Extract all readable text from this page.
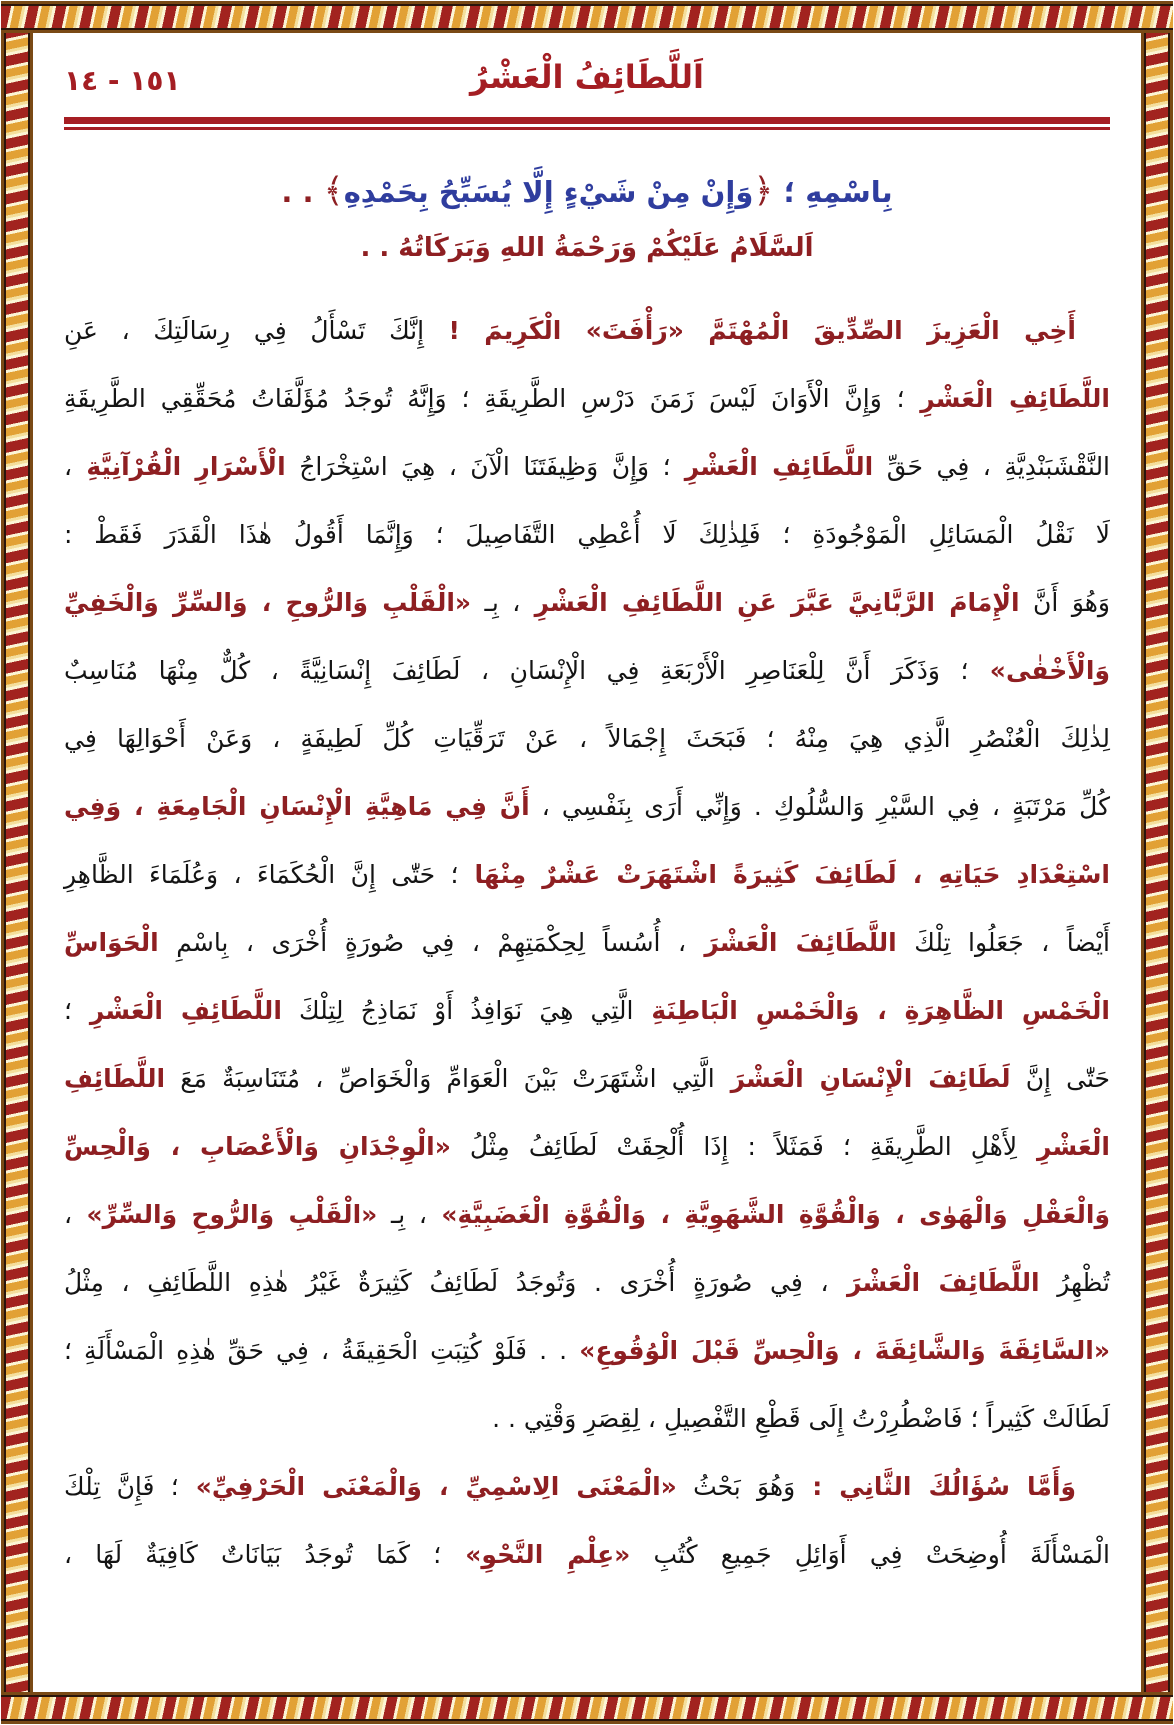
١٥١ - ١٤	اَللَّطَائِفُ الْعَشْرُ
بِاسْمِهِ ؛ ﴿وَإِنْ مِنْ شَيْءٍ إِلَّا يُسَبِّحُ بِحَمْدِهِ﴾ . .
اَلسَّلَامُ عَلَيْكُمْ وَرَحْمَةُ اللهِ وَبَرَكَاتُهُ . .
أَخِي الْعَزِيزَ الصِّدِّيقَ الْمُهْتَمَّ «رَأْفَتَ» الْكَرِيمَ ! إِنَّكَ تَسْأَلُ فِي رِسَالَتِكَ ، عَنِ
اللَّطَائِفِ الْعَشْرِ ؛ وَإِنَّ الْأَوَانَ لَيْسَ زَمَنَ دَرْسِ الطَّرِيقَةِ ؛ وَإِنَّهُ تُوجَدُ مُؤَلَّفَاتُ مُحَقِّقِي الطَّرِيقَةِ
النَّقْشَبَنْدِيَّةِ ، فِي حَقِّ اللَّطَائِفِ الْعَشْرِ ؛ وَإِنَّ وَظِيفَتَنَا الْآنَ ، هِيَ اسْتِخْرَاجُ الْأَسْرَارِ الْقُرْآنِيَّةِ ،
لَا نَقْلُ الْمَسَائِلِ الْمَوْجُودَةِ ؛ فَلِذٰلِكَ لَا أُعْطِي التَّفَاصِيلَ ؛ وَإِنَّمَا أَقُولُ هٰذَا الْقَدَرَ فَقَطْ :
وَهُوَ أَنَّ الْإِمَامَ الرَّبَّانِيَّ عَبَّرَ عَنِ اللَّطَائِفِ الْعَشْرِ ، بِـ «الْقَلْبِ وَالرُّوحِ ، وَالسِّرِّ وَالْخَفِيِّ
وَالْأَخْفٰى» ؛ وَذَكَرَ أَنَّ لِلْعَنَاصِرِ الْأَرْبَعَةِ فِي الْإِنْسَانِ ، لَطَائِفَ إِنْسَانِيَّةً ، كُلٌّ مِنْهَا مُنَاسِبٌ
لِذٰلِكَ الْعُنْصُرِ الَّذِي هِيَ مِنْهُ ؛ فَبَحَثَ إِجْمَالاً ، عَنْ تَرَقِّيَاتِ كُلِّ لَطِيفَةٍ ، وَعَنْ أَحْوَالِهَا فِي
كُلِّ مَرْتَبَةٍ ، فِي السَّيْرِ وَالسُّلُوكِ . وَإِنِّي أَرَى بِنَفْسِي ، أَنَّ فِي مَاهِيَّةِ الْإِنْسَانِ الْجَامِعَةِ ، وَفِي
اسْتِعْدَادِ حَيَاتِهِ ، لَطَائِفَ كَثِيرَةً اشْتَهَرَتْ عَشْرٌ مِنْهَا ؛ حَتّٰى إِنَّ الْحُكَمَاءَ ، وَعُلَمَاءَ الظَّاهِرِ
أَيْضاً ، جَعَلُوا تِلْكَ اللَّطَائِفَ الْعَشْرَ ، أُسُساً لِحِكْمَتِهِمْ ، فِي صُورَةٍ أُخْرَى ، بِاسْمِ الْحَوَاسِّ
الْخَمْسِ الظَّاهِرَةِ ، وَالْخَمْسِ الْبَاطِنَةِ الَّتِي هِيَ نَوَافِذُ أَوْ نَمَاذِجُ لِتِلْكَ اللَّطَائِفِ الْعَشْرِ ؛
حَتّٰى إِنَّ لَطَائِفَ الْإِنْسَانِ الْعَشْرَ الَّتِي اشْتَهَرَتْ بَيْنَ الْعَوَامِّ وَالْخَوَاصِّ ، مُتَنَاسِبَةٌ مَعَ اللَّطَائِفِ
الْعَشْرِ لِأَهْلِ الطَّرِيقَةِ ؛ فَمَثَلاً : إِذَا أُلْحِقَتْ لَطَائِفُ مِثْلُ «الْوِجْدَانِ وَالْأَعْصَابِ ، وَالْحِسِّ
وَالْعَقْلِ وَالْهَوٰى ، وَالْقُوَّةِ الشَّهَوِيَّةِ ، وَالْقُوَّةِ الْغَضَبِيَّةِ» ، بِـ «الْقَلْبِ وَالرُّوحِ وَالسِّرِّ» ،
تُظْهِرُ اللَّطَائِفَ الْعَشْرَ ، فِي صُورَةٍ أُخْرَى . وَتُوجَدُ لَطَائِفُ كَثِيرَةٌ غَيْرُ هٰذِهِ اللَّطَائِفِ ، مِثْلُ
«السَّائِقَةَ وَالشَّائِقَةَ ، وَالْحِسِّ قَبْلَ الْوُقُوعِ» . . فَلَوْ كُتِبَتِ الْحَقِيقَةُ ، فِي حَقِّ هٰذِهِ الْمَسْأَلَةِ ؛
لَطَالَتْ كَثِيراً ؛ فَاضْطُرِرْتُ إِلَى قَطْعِ التَّفْصِيلِ ، لِقِصَرِ وَقْتِي . .
وَأَمَّا سُؤَالُكَ الثَّانِي : وَهُوَ بَحْثُ «الْمَعْنَى الِاسْمِيِّ ، وَالْمَعْنَى الْحَرْفِيِّ» ؛ فَإِنَّ تِلْكَ
الْمَسْأَلَةَ أُوضِحَتْ فِي أَوَائِلِ جَمِيعِ كُتُبِ «عِلْمِ النَّحْوِ» ؛ كَمَا تُوجَدُ بَيَانَاتٌ كَافِيَةٌ لَهَا ،
